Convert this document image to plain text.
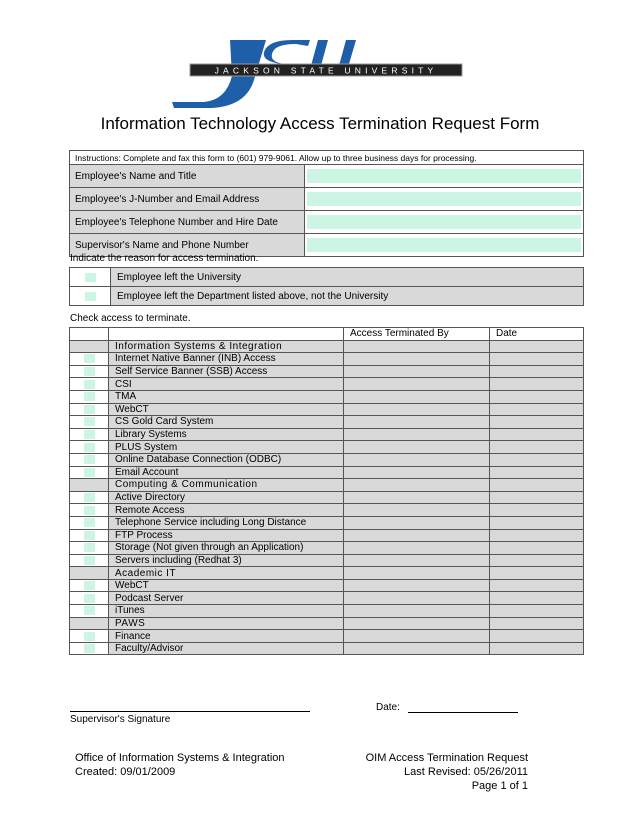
JACKSON STATE UNIVERSITY
Information Technology Access Termination Request Form
Instructions: Complete and fax this form to (601) 979-9061. Allow up to three business days for processing.	
Employee's Name and Title	

Employee's J-Number and Email Address	

Employee's Telephone Number and Hire Date	

Supervisor's Name and Phone Number	
Indicate the reason for access termination.
	Employee left the University

	Employee left the Department listed above, not the University
Check access to terminate.
		Access Terminated By	Date
	Information Systems & Integration		

	Internet Native Banner (INB) Access		

	Self Service Banner (SSB) Access		

	CSI		

	TMA		

	WebCT		

	CS Gold Card System		

	Library Systems		

	PLUS System		

	Online Database Connection (ODBC)		

	Email Account		
	Computing & Communication		

	Active Directory		

	Remote Access		

	Telephone Service including Long Distance		

	FTP Process		

	Storage (Not given through an Application)		

	Servers including (Redhat 3)		
	Academic IT		

	WebCT		

	Podcast Server		

	iTunes		
	PAWS		

	Finance		

	Faculty/Advisor		
Supervisor's Signature
Date:
Office of Information Systems & Integration
Created: 09/01/2009
OIM Access Termination Request
Last Revised: 05/26/2011
Page 1 of 1
